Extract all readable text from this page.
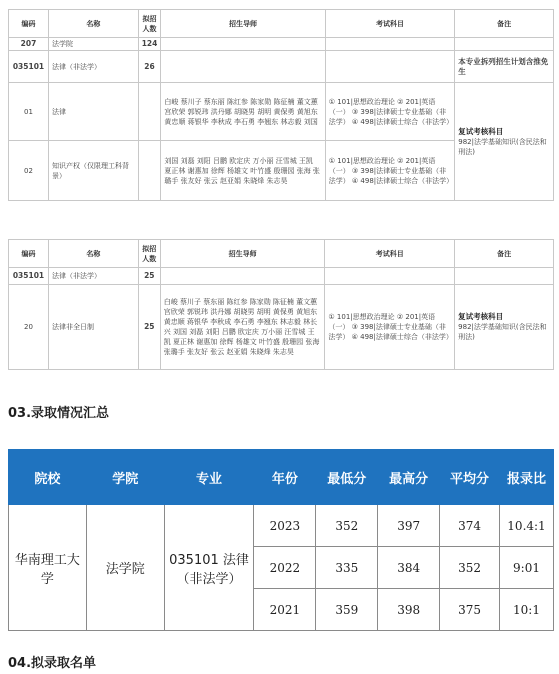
编码	名称	拟招人数	招生导师	考试科目	备注
207	法学院	124			
035101	法律（非法学）	26			本专业拆列招生计划含推免生
01	法律		白峻 蔡川子 蔡东丽 陈红参 陈家勋 陈征楠 董文蕙 宫欣荣 郭锐玮 洪丹娜 胡晓男 胡明 黄保勇 黄旭东 黄忠顺 蒋银华 李秋成 李石勇 李翘东 林志毅 刘国	① 101|思想政治理论 ② 201|英语（一） ③ 398|法律硕士专业基础（非法学） ④ 498|法律硕士综合（非法学）	复试考核科目
982|法学基础知识(含民法和刑法)

02	知识产权（仅限理工科背景）		刘国 刘磊 刘阳 吕鹏 欧定庆 万小丽 汪雪城 王凯 夏正林 谢惠加 徐辉 杨雄文 叶竹盛 殷珊园 张海 张璐手 张友好 张云 赵亚娟 朱晓烽 朱志昊	① 101|思想政治理论 ② 201|英语（一） ③ 398|法律硕士专业基础（非法学） ④ 498|法律硕士综合（非法学）	
编码	名称	拟招人数	招生导师	考试科目	备注
035101	法律（非法学）	25			
20	法律非全日制	25	白峻 蔡川子 蔡东丽 陈红参 陈家勋 陈征楠 董文蕙 宫欣荣 郭锐玮 洪丹娜 胡晓男 胡明 黄保勇 黄旭东 黄忠顺 蒋银华 李秋成 李石勇 李翘东 林志毅 林长兴 刘国 刘磊 刘阳 吕鹏 欧定庆 万小丽 汪雪城 王凯 夏正林 谢惠加 徐辉 杨雄文 叶竹盛 殷珊园 张海 张璐手 张友好 张云 赵亚娟 朱晓烽 朱志昊	① 101|思想政治理论 ② 201|英语（一） ③ 398|法律硕士专业基础（非法学） ④ 498|法律硕士综合（非法学）	复试考核科目
982|法学基础知识(含民法和刑法)
03.录取情况汇总
院校	学院	专业	年份	最低分	最高分	平均分	报录比
华南理工大学	法学院	035101 法律（非法学）	2023	352	397	374	10.4:1
			2022	335	384	352	9:01
			2021	359	398	375	10:1
04.拟录取名单
